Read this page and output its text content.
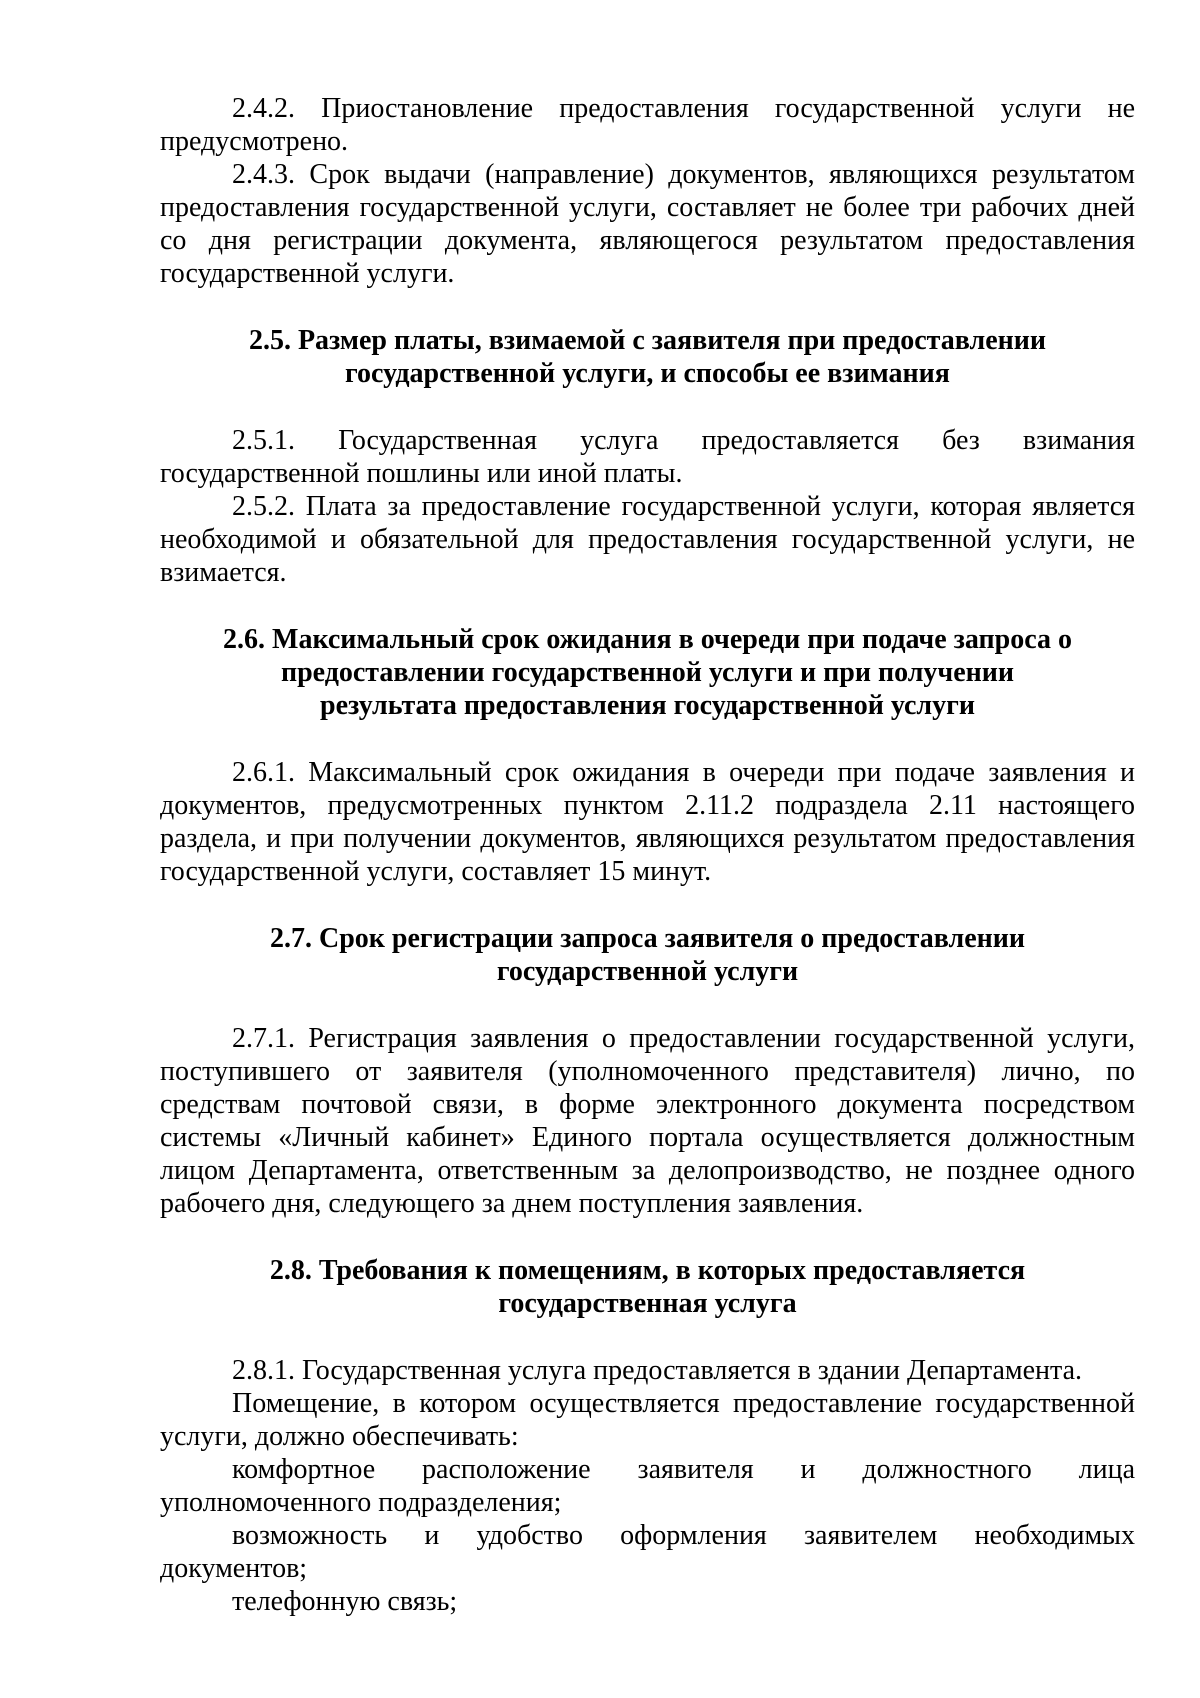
2.4.2. Приостановление предоставления государственной услуги не предусмотрено.

2.4.3. Срок выдачи (направление) документов, являющихся результатом предоставления государственной услуги, составляет не более три рабочих дней со дня регистрации документа, являющегося результатом предоставления государственной услуги.

2.5. Размер платы, взимаемой с заявителя при предоставлении государственной услуги, и способы ее взимания

2.5.1. Государственная услуга предоставляется без взимания государственной пошлины или иной платы.

2.5.2. Плата за предоставление государственной услуги, которая является необходимой и обязательной для предоставления государственной услуги, не взимается.

2.6. Максимальный срок ожидания в очереди при подаче запроса о предоставлении государственной услуги и при получении результата предоставления государственной услуги

2.6.1. Максимальный срок ожидания в очереди при подаче заявления и документов, предусмотренных пунктом 2.11.2 подраздела 2.11 настоящего раздела, и при получении документов, являющихся результатом предоставления государственной услуги, составляет 15 минут.

2.7. Срок регистрации запроса заявителя о предоставлении государственной услуги

2.7.1. Регистрация заявления о предоставлении государственной услуги, поступившего от заявителя (уполномоченного представителя) лично, по средствам почтовой связи, в форме электронного документа посредством системы «Личный кабинет» Единого портала осуществляется должностным лицом Департамента, ответственным за делопроизводство, не позднее одного рабочего дня, следующего за днем поступления заявления.

2.8. Требования к помещениям, в которых предоставляется государственная услуга

2.8.1. Государственная услуга предоставляется в здании Департамента.

Помещение, в котором осуществляется предоставление государственной услуги, должно обеспечивать:

комфортное расположение заявителя и должностного лица уполномоченного подразделения;

возможность и удобство оформления заявителем необходимых документов;

телефонную связь;
